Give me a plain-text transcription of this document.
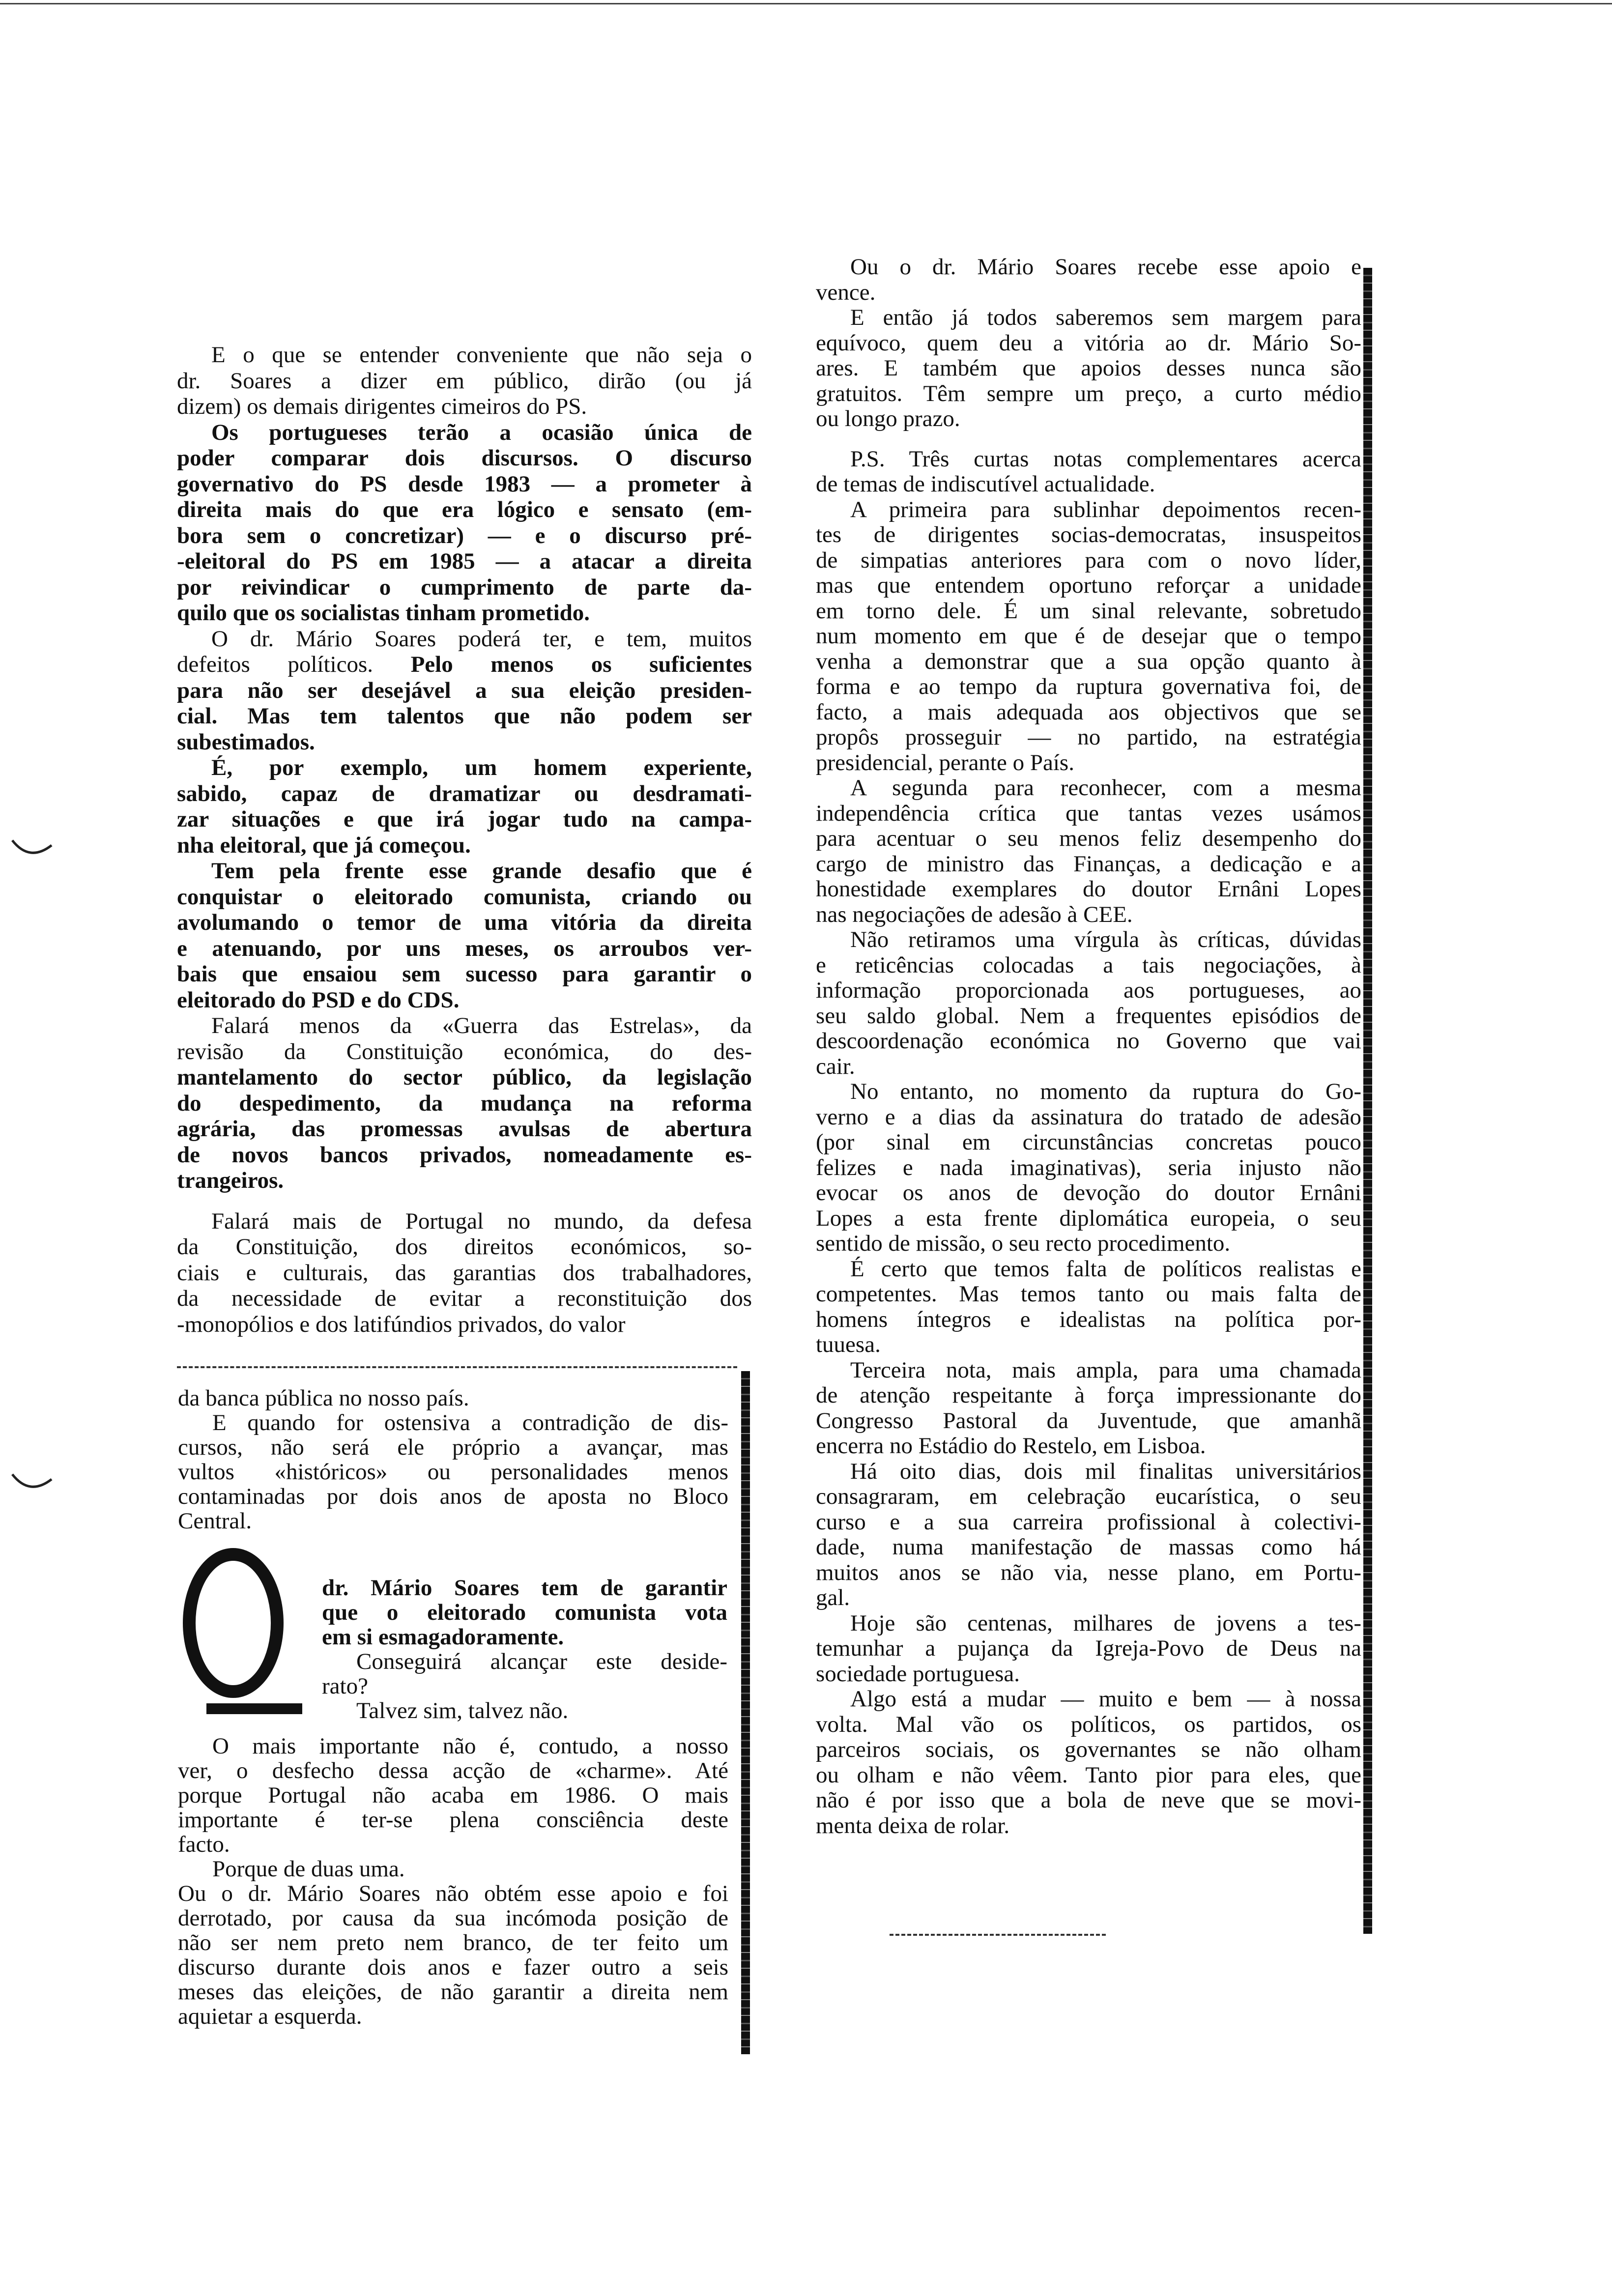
E o que se entender conveniente que não seja o
dr. Soares a dizer em público, dirão (ou já
dizem) os demais dirigentes cimeiros do PS.
Os portugueses terão a ocasião única de
poder comparar dois discursos. O discurso
governativo do PS desde 1983 — a prometer à
direita mais do que era lógico e sensato (em-
bora sem o concretizar) — e o discurso pré-
-eleitoral do PS em 1985 — a atacar a direita
por reivindicar o cumprimento de parte da-
quilo que os socialistas tinham prometido.
O dr. Mário Soares poderá ter, e tem, muitos
defeitos políticos. Pelo menos os suficientes
para não ser desejável a sua eleição presiden-
cial. Mas tem talentos que não podem ser
subestimados.
É, por exemplo, um homem experiente,
sabido, capaz de dramatizar ou desdramati-
zar situações e que irá jogar tudo na campa-
nha eleitoral, que já começou.
Tem pela frente esse grande desafio que é
conquistar o eleitorado comunista, criando ou
avolumando o temor de uma vitória da direita
e atenuando, por uns meses, os arroubos ver-
bais que ensaiou sem sucesso para garantir o
eleitorado do PSD e do CDS.
Falará menos da «Guerra das Estrelas», da
revisão da Constituição económica, do des-
mantelamento do sector público, da legislação
do despedimento, da mudança na reforma
agrária, das promessas avulsas de abertura
de novos bancos privados, nomeadamente es-
trangeiros.
Falará mais de Portugal no mundo, da defesa
da Constituição, dos direitos económicos, so-
ciais e culturais, das garantias dos trabalhadores,
da necessidade de evitar a reconstituição dos
-monopólios e dos latifúndios privados, do valor
da banca pública no nosso país.
E quando for ostensiva a contradição de dis-
cursos, não será ele próprio a avançar, mas
vultos «históricos» ou personalidades menos
contaminadas por dois anos de aposta no Bloco
Central.
dr. Mário Soares tem de garantir
que o eleitorado comunista vota
em si esmagadoramente.
Conseguirá alcançar este deside-
rato?
Talvez sim, talvez não.
O mais importante não é, contudo, a nosso
ver, o desfecho dessa acção de «charme». Até
porque Portugal não acaba em 1986. O mais
importante é ter-se plena consciência deste
facto.
Porque de duas uma.
Ou o dr. Mário Soares não obtém esse apoio e foi
derrotado, por causa da sua incómoda posição de
não ser nem preto nem branco, de ter feito um
discurso durante dois anos e fazer outro a seis
meses das eleições, de não garantir a direita nem
aquietar a esquerda.
Ou o dr. Mário Soares recebe esse apoio e
vence.
E então já todos saberemos sem margem para
equívoco, quem deu a vitória ao dr. Mário So-
ares. E também que apoios desses nunca são
gratuitos. Têm sempre um preço, a curto médio
ou longo prazo.
P.S. Três curtas notas complementares acerca
de temas de indiscutível actualidade.
A primeira para sublinhar depoimentos recen-
tes de dirigentes socias-democratas, insuspeitos
de simpatias anteriores para com o novo líder,
mas que entendem oportuno reforçar a unidade
em torno dele. É um sinal relevante, sobretudo
num momento em que é de desejar que o tempo
venha a demonstrar que a sua opção quanto à
forma e ao tempo da ruptura governativa foi, de
facto, a mais adequada aos objectivos que se
propôs prosseguir — no partido, na estratégia
presidencial, perante o País.
A segunda para reconhecer, com a mesma
independência crítica que tantas vezes usámos
para acentuar o seu menos feliz desempenho do
cargo de ministro das Finanças, a dedicação e a
honestidade exemplares do doutor Ernâni Lopes
nas negociações de adesão à CEE.
Não retiramos uma vírgula às críticas, dúvidas
e reticências colocadas a tais negociações, à
informação proporcionada aos portugueses, ao
seu saldo global. Nem a frequentes episódios de
descoordenação económica no Governo que vai
cair.
No entanto, no momento da ruptura do Go-
verno e a dias da assinatura do tratado de adesão
(por sinal em circunstâncias concretas pouco
felizes e nada imaginativas), seria injusto não
evocar os anos de devoção do doutor Ernâni
Lopes a esta frente diplomática europeia, o seu
sentido de missão, o seu recto procedimento.
É certo que temos falta de políticos realistas e
competentes. Mas temos tanto ou mais falta de
homens íntegros e idealistas na política por-
tuuesa.
Terceira nota, mais ampla, para uma chamada
de atenção respeitante à força impressionante do
Congresso Pastoral da Juventude, que amanhã
encerra no Estádio do Restelo, em Lisboa.
Há oito dias, dois mil finalitas universitários
consagraram, em celebração eucarística, o seu
curso e a sua carreira profissional à colectivi-
dade, numa manifestação de massas como há
muitos anos se não via, nesse plano, em Portu-
gal.
Hoje são centenas, milhares de jovens a tes-
temunhar a pujança da Igreja-Povo de Deus na
sociedade portuguesa.
Algo está a mudar — muito e bem — à nossa
volta. Mal vão os políticos, os partidos, os
parceiros sociais, os governantes se não olham
ou olham e não vêem. Tanto pior para eles, que
não é por isso que a bola de neve que se movi-
menta deixa de rolar.
